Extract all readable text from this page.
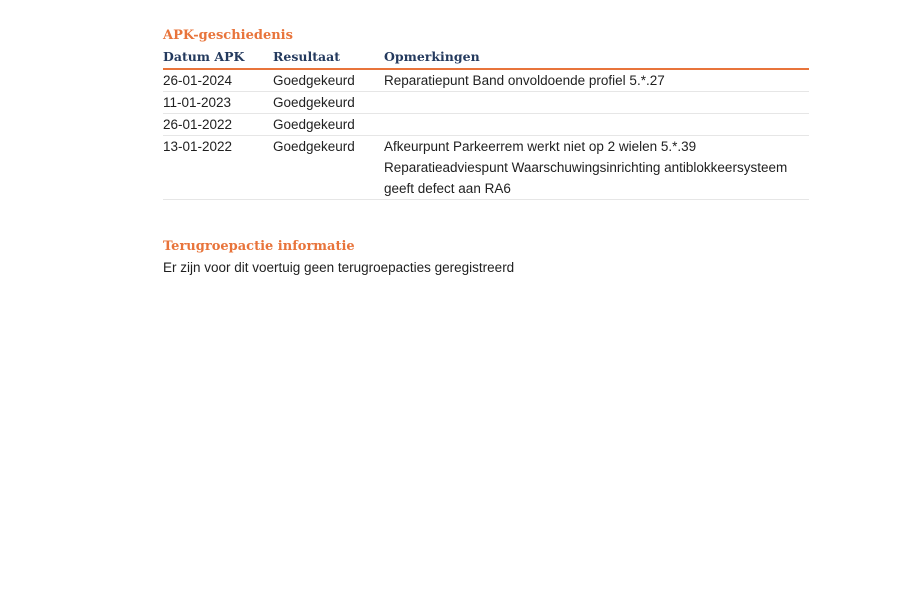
APK-geschiedenis
Datum APK	Resultaat	Opmerkingen
26-01-2024	Goedgekeurd	Reparatiepunt Band onvoldoende profiel 5.*.27

11-01-2023	Goedgekeurd	
26-01-2022	Goedgekeurd	
13-01-2022	Goedgekeurd	Afkeurpunt Parkeerrem werkt niet op 2 wielen 5.*.39
Reparatieadviespunt Waarschuwingsinrichting antiblokkeersysteem
geeft defect aan RA6
Terugroepactie informatie

Er zijn voor dit voertuig geen terugroepacties geregistreerd
